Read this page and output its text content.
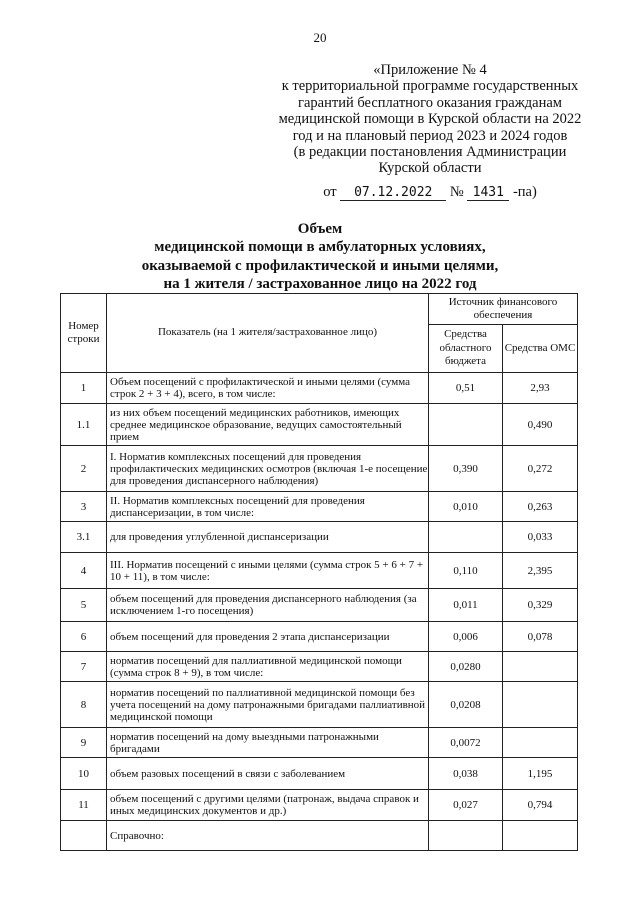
20
«Приложение № 4
к территориальной программе государственных
гарантий бесплатного оказания гражданам
медицинской помощи в Курской области на 2022
год и на плановый период 2023 и 2024 годов
(в редакции постановления Администрации
Курской области
от 07.12.2022 № 1431 -па)
Объем
медицинской помощи в амбулаторных условиях,
оказываемой с профилактической и иными целями,
на 1 жителя / застрахованное лицо на 2022 год
Номер строки	Показатель (на 1 жителя/застрахованное лицо)	Источник финансового обеспечения	
		Средства областного бюджета	Средства ОМС
1	Объем посещений с профилактической и иными целями (сумма строк 2 + 3 + 4), всего, в том числе:	0,51	2,93
1.1	из них объем посещений медицинских работников, имеющих среднее медицинское образование, ведущих самостоятельный прием		0,490
2	I. Норматив комплексных посещений для проведения профилактических медицинских осмотров (включая 1-е посещение для проведения диспансерного наблюдения)	0,390	0,272
3	II. Норматив комплексных посещений для проведения диспансеризации, в том числе:	0,010	0,263
3.1	для проведения углубленной диспансеризации		0,033
4	III. Норматив посещений с иными целями (сумма строк 5 + 6 + 7 + 10 + 11), в том числе:	0,110	2,395
5	объем посещений для проведения диспансерного наблюдения (за исключением 1-го посещения)	0,011	0,329
6	объем посещений для проведения 2 этапа диспансеризации	0,006	0,078
7	норматив посещений для паллиативной медицинской помощи (сумма строк 8 + 9), в том числе:	0,0280	
8	норматив посещений по паллиативной медицинской помощи без учета посещений на дому патронажными бригадами паллиативной медицинской помощи	0,0208	
9	норматив посещений на дому выездными патронажными бригадами	0,0072	
10	объем разовых посещений в связи с заболеванием	0,038	1,195
11	объем посещений с другими целями (патронаж, выдача справок и иных медицинских документов и др.)	0,027	0,794
	Справочно:		
